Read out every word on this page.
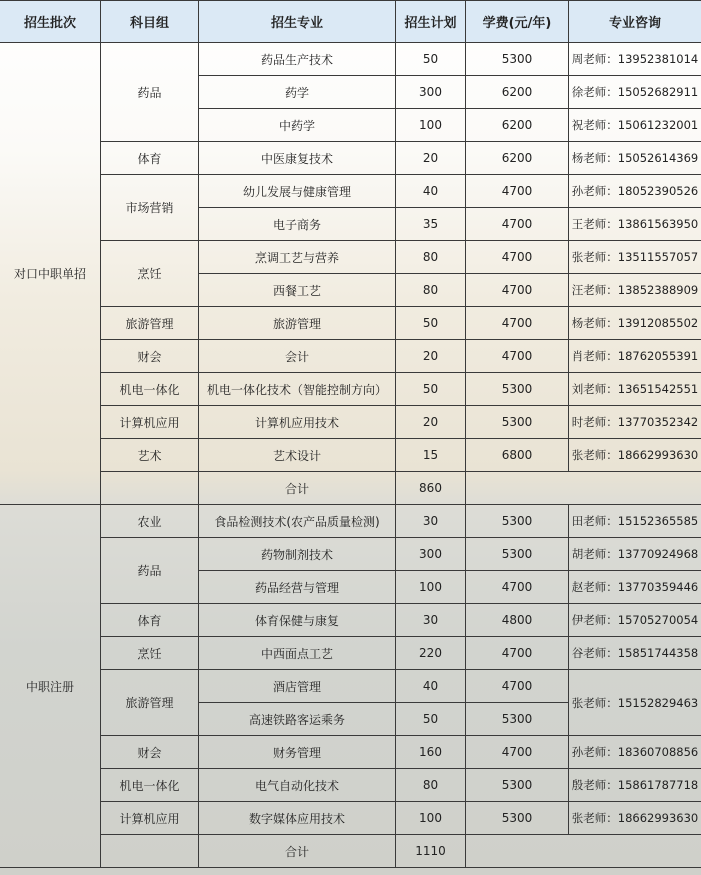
招生批次	科目组	招生专业	招生计划	学费(元/年)	专业咨询
对口中职单招	药品	药品生产技术	50	5300	周老师：13952381014
		药学	300	6200	徐老师：15052682911
		中药学	100	6200	祝老师：15061232001
	体育	中医康复技术	20	6200	杨老师：15052614369
	市场营销	幼儿发展与健康管理	40	4700	孙老师：18052390526
		电子商务	35	4700	王老师：13861563950
	烹饪	烹调工艺与营养	80	4700	张老师：13511557057
		西餐工艺	80	4700	汪老师：13852388909
	旅游管理	旅游管理	50	4700	杨老师：13912085502
	财会	会计	20	4700	肖老师：18762055391
	机电一体化	机电一体化技术（智能控制方向）	50	5300	刘老师：13651542551
	计算机应用	计算机应用技术	20	5300	时老师：13770352342
	艺术	艺术设计	15	6800	张老师：18662993630
		合计	860		
中职注册	农业	食品检测技术(农产品质量检测)	30	5300	田老师：15152365585
	药品	药物制剂技术	300	5300	胡老师：13770924968
		药品经营与管理	100	4700	赵老师：13770359446
	体育	体育保健与康复	30	4800	伊老师：15705270054
	烹饪	中西面点工艺	220	4700	谷老师：15851744358
	旅游管理	酒店管理	40	4700	张老师：15152829463
		高速铁路客运乘务	50	5300	
	财会	财务管理	160	4700	孙老师：18360708856
	机电一体化	电气自动化技术	80	5300	殷老师：15861787718
	计算机应用	数字媒体应用技术	100	5300	张老师：18662993630
		合计	1110		
